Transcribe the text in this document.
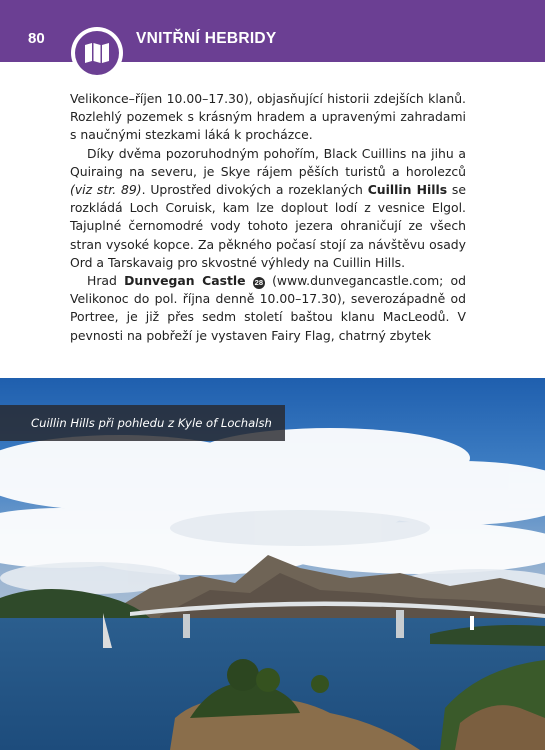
80	VNITŘNÍ HEBRIDY

Velikonce–říjen 10.00–17.30), objasňující historii zdejších klanů. Rozlehlý pozemek s krásným hradem a upravenými zahradami s naučnými stezkami láká k procházce.

Díky dvěma pozoruhodným pohořím, Black Cuillins na jihu a Quiraing na severu, je Skye rájem pěších turistů a horolezců (viz str. 89). Uprostřed divokých a rozeklaných Cuillin Hills se rozkládá Loch Coruisk, kam lze doplout lodí z vesnice Elgol. Tajuplné černomodré vody tohoto jezera ohraničují ze všech stran vysoké kopce. Za pěkného počasí stojí za návštěvu osady Ord a Tarskavaig pro skvostné výhledy na Cuillin Hills.

Hrad Dunvegan Castle 28 (www.dunvegancastle.com; od Velikonoc do pol. října denně 10.00–17.30), severozápadně od Portree, je již přes sedm století baštou klanu MacLeodů. V pevnosti na pobřeží je vystaven Fairy Flag, chatrný zbytek

Cuillin Hills při pohledu z Kyle of Lochalsh
